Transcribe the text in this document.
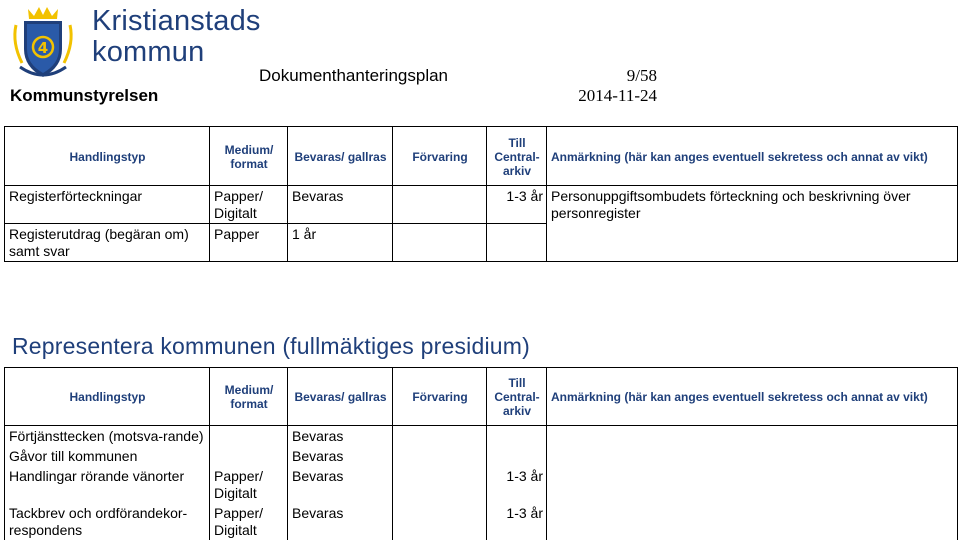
4
Kristianstads
kommun
Dokumenthanteringsplan	9/58
Kommunstyrelsen	2014-11-24
Handlingstyp	Medium/ format	Bevaras/ gallras	Förvaring	Till Central- arkiv	Anmärkning (här kan anges eventuell sekretess och annat av vikt)
Registerförteckningar	Papper/ Digitalt	Bevaras		1-3 år	Personuppgiftsombudets förteckning och beskrivning över personregister
Registerutdrag (begäran om) samt svar	Papper	1 år			
Representera kommunen (fullmäktiges presidium)
Handlingstyp	Medium/ format	Bevaras/ gallras	Förvaring	Till Central- arkiv	Anmärkning (här kan anges eventuell sekretess och annat av vikt)
Förtjänsttecken (motsva-rande)		Bevaras			
Gåvor till kommunen		Bevaras			
Handlingar rörande vänorter	Papper/ Digitalt	Bevaras		1-3 år	
Tackbrev och ordförandekor-respondens	Papper/ Digitalt	Bevaras		1-3 år	
